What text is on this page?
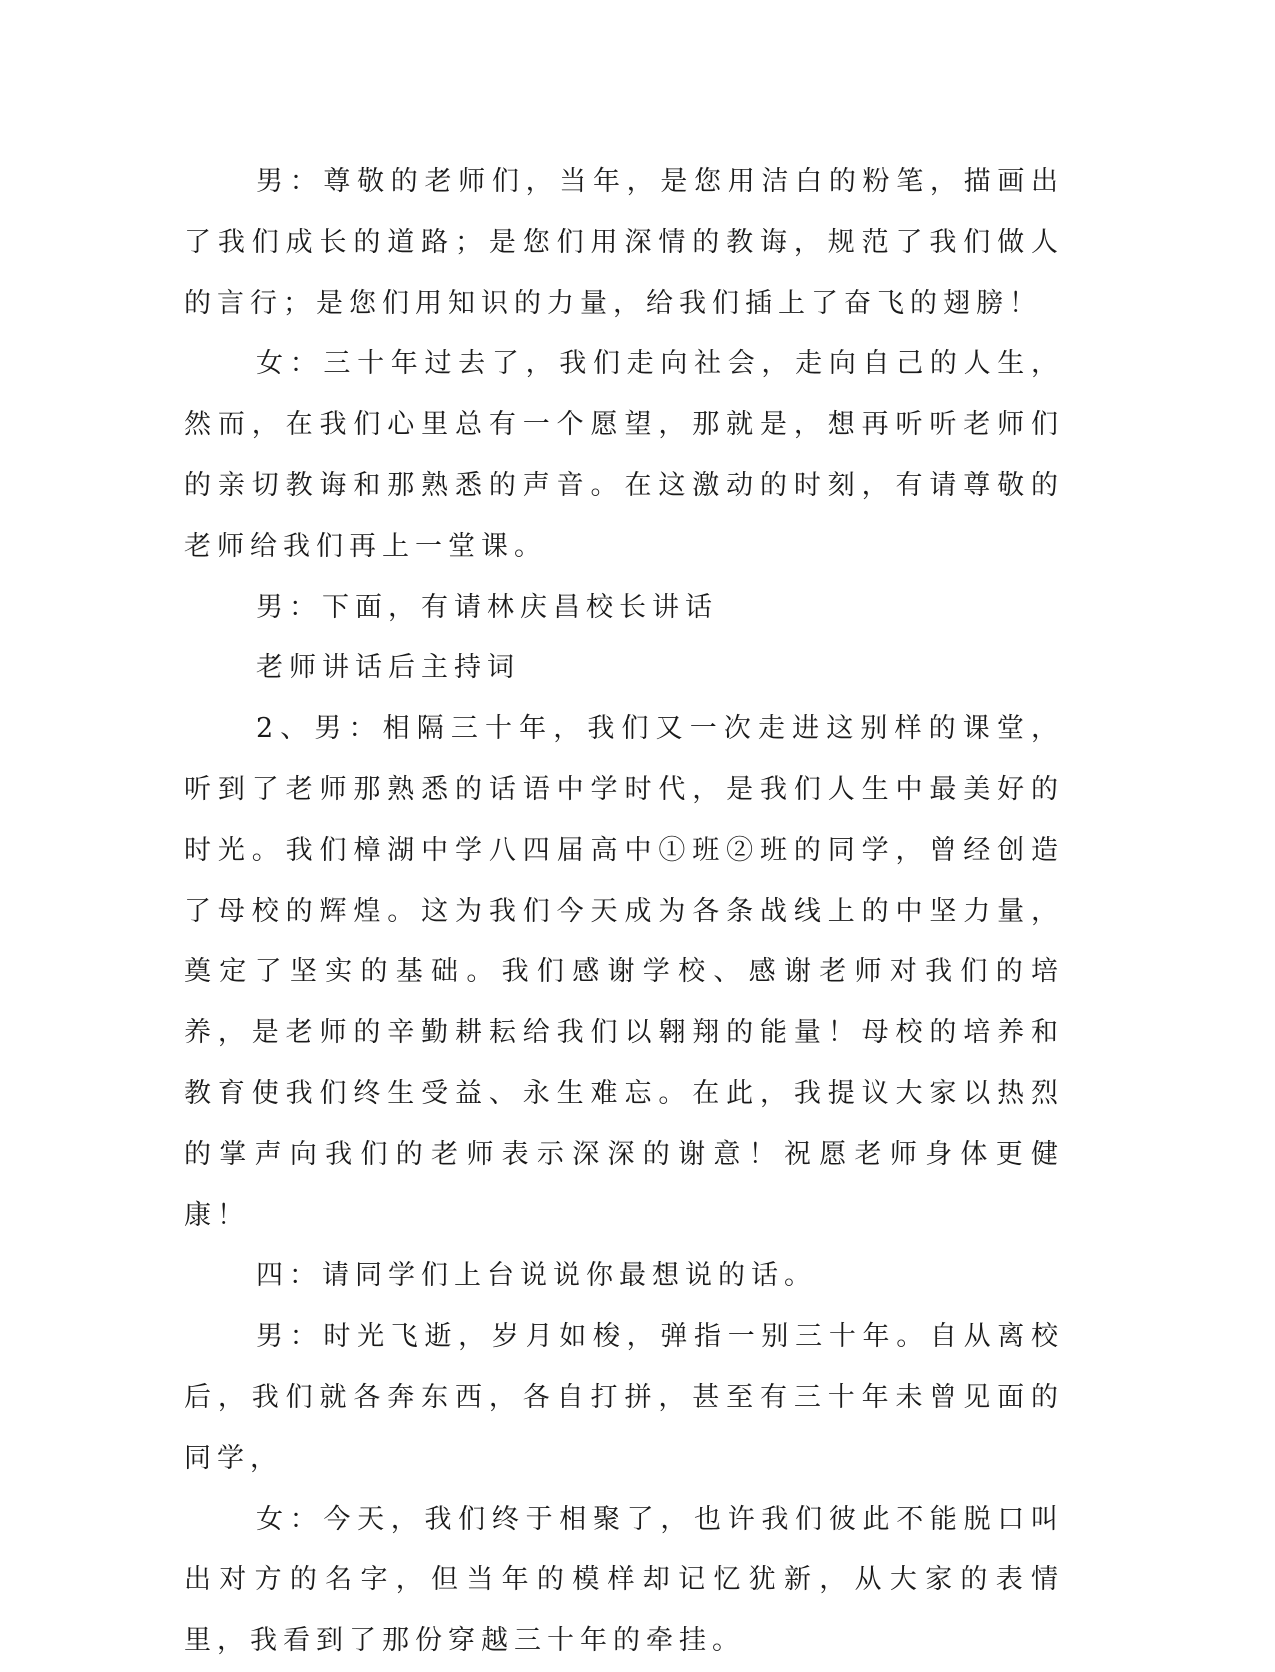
男：尊敬的老师们，当年，是您用洁白的粉笔，描画出了我们成长的道路；是您们用深情的教诲，规范了我们做人的言行；是您们用知识的力量，给我们插上了奋飞的翅膀！

女：三十年过去了，我们走向社会，走向自己的人生，然而，在我们心里总有一个愿望，那就是，想再听听老师们的亲切教诲和那熟悉的声音。在这激动的时刻，有请尊敬的老师给我们再上一堂课。

男：下面，有请林庆昌校长讲话

老师讲话后主持词

2、男：相隔三十年，我们又一次走进这别样的课堂，听到了老师那熟悉的话语中学时代，是我们人生中最美好的时光。我们樟湖中学八四届高中①班②班的同学，曾经创造了母校的辉煌。这为我们今天成为各条战线上的中坚力量，奠定了坚实的基础。我们感谢学校、感谢老师对我们的培养，是老师的辛勤耕耘给我们以翱翔的能量！母校的培养和教育使我们终生受益、永生难忘。在此，我提议大家以热烈的掌声向我们的老师表示深深的谢意！祝愿老师身体更健康！

四：请同学们上台说说你最想说的话。

男：时光飞逝，岁月如梭，弹指一别三十年。自从离校后，我们就各奔东西，各自打拼，甚至有三十年未曾见面的同学，

女：今天，我们终于相聚了，也许我们彼此不能脱口叫出对方的名字，但当年的模样却记忆犹新，从大家的表情里，我看到了那份穿越三十年的牵挂。
